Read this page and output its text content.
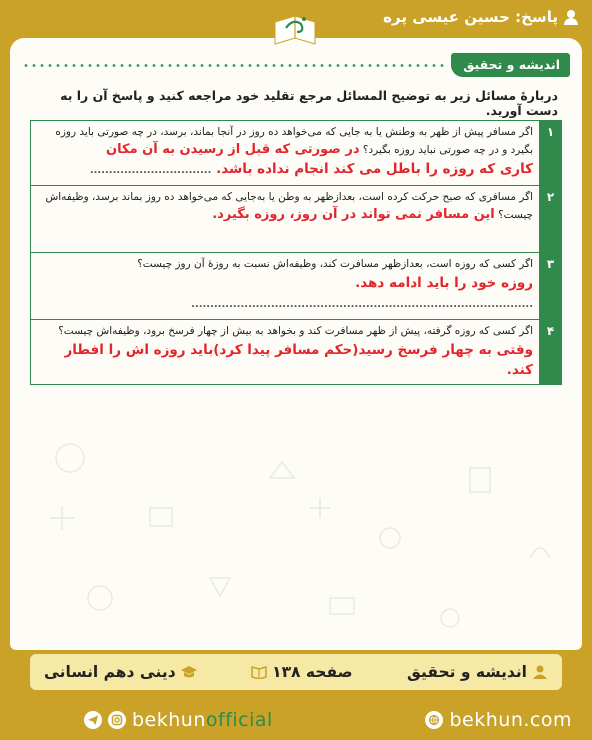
پاسخ: حسین عیسی پره
اندیشه و تحقیق
دربارهٔ مسائل زیر به توضیح المسائل مرجع تقلید خود مراجعه کنید و پاسخ آن را به دست آورید.
۱
اگر مسافر پیش از ظهر به وطنش یا به جایی که می‌خواهد ده روز در آنجا بماند، برسد، در چه صورتی باید روزه بگیرد و در چه صورتی نباید روزه بگیرد؟ در صورتی که قبل از رسیدن به آن مکان
کاری که روزه را باطل می کند انجام نداده باشد. ................................
۲
اگر مسافری که صبح حرکت کرده است، بعدازظهر به وطن یا به‌جایی که می‌خواهد ده روز بماند برسد، وظیفه‌اش چیست؟ این مسافر نمی تواند در آن روز، روزه بگیرد.
۳
اگر کسی که روزه است، بعدازظهر مسافرت کند، وظیفه‌اش نسبت به روزهٔ آن روز چیست؟
روزه خود را باید ادامه دهد. ..........................................................................................
۴
اگر کسی که روزه گرفته، پیش از ظهر مسافرت کند و بخواهد به بیش از چهار فرسخ برود، وظیفه‌اش چیست؟
وقتی به چهار فرسخ رسید(حکم مسافر پیدا کرد)باید روزه اش را افطار کند.
اندیشه و تحقیق
صفحه ۱۳۸
دینی دهم انسانی
bekhunofficial	bekhun.com
